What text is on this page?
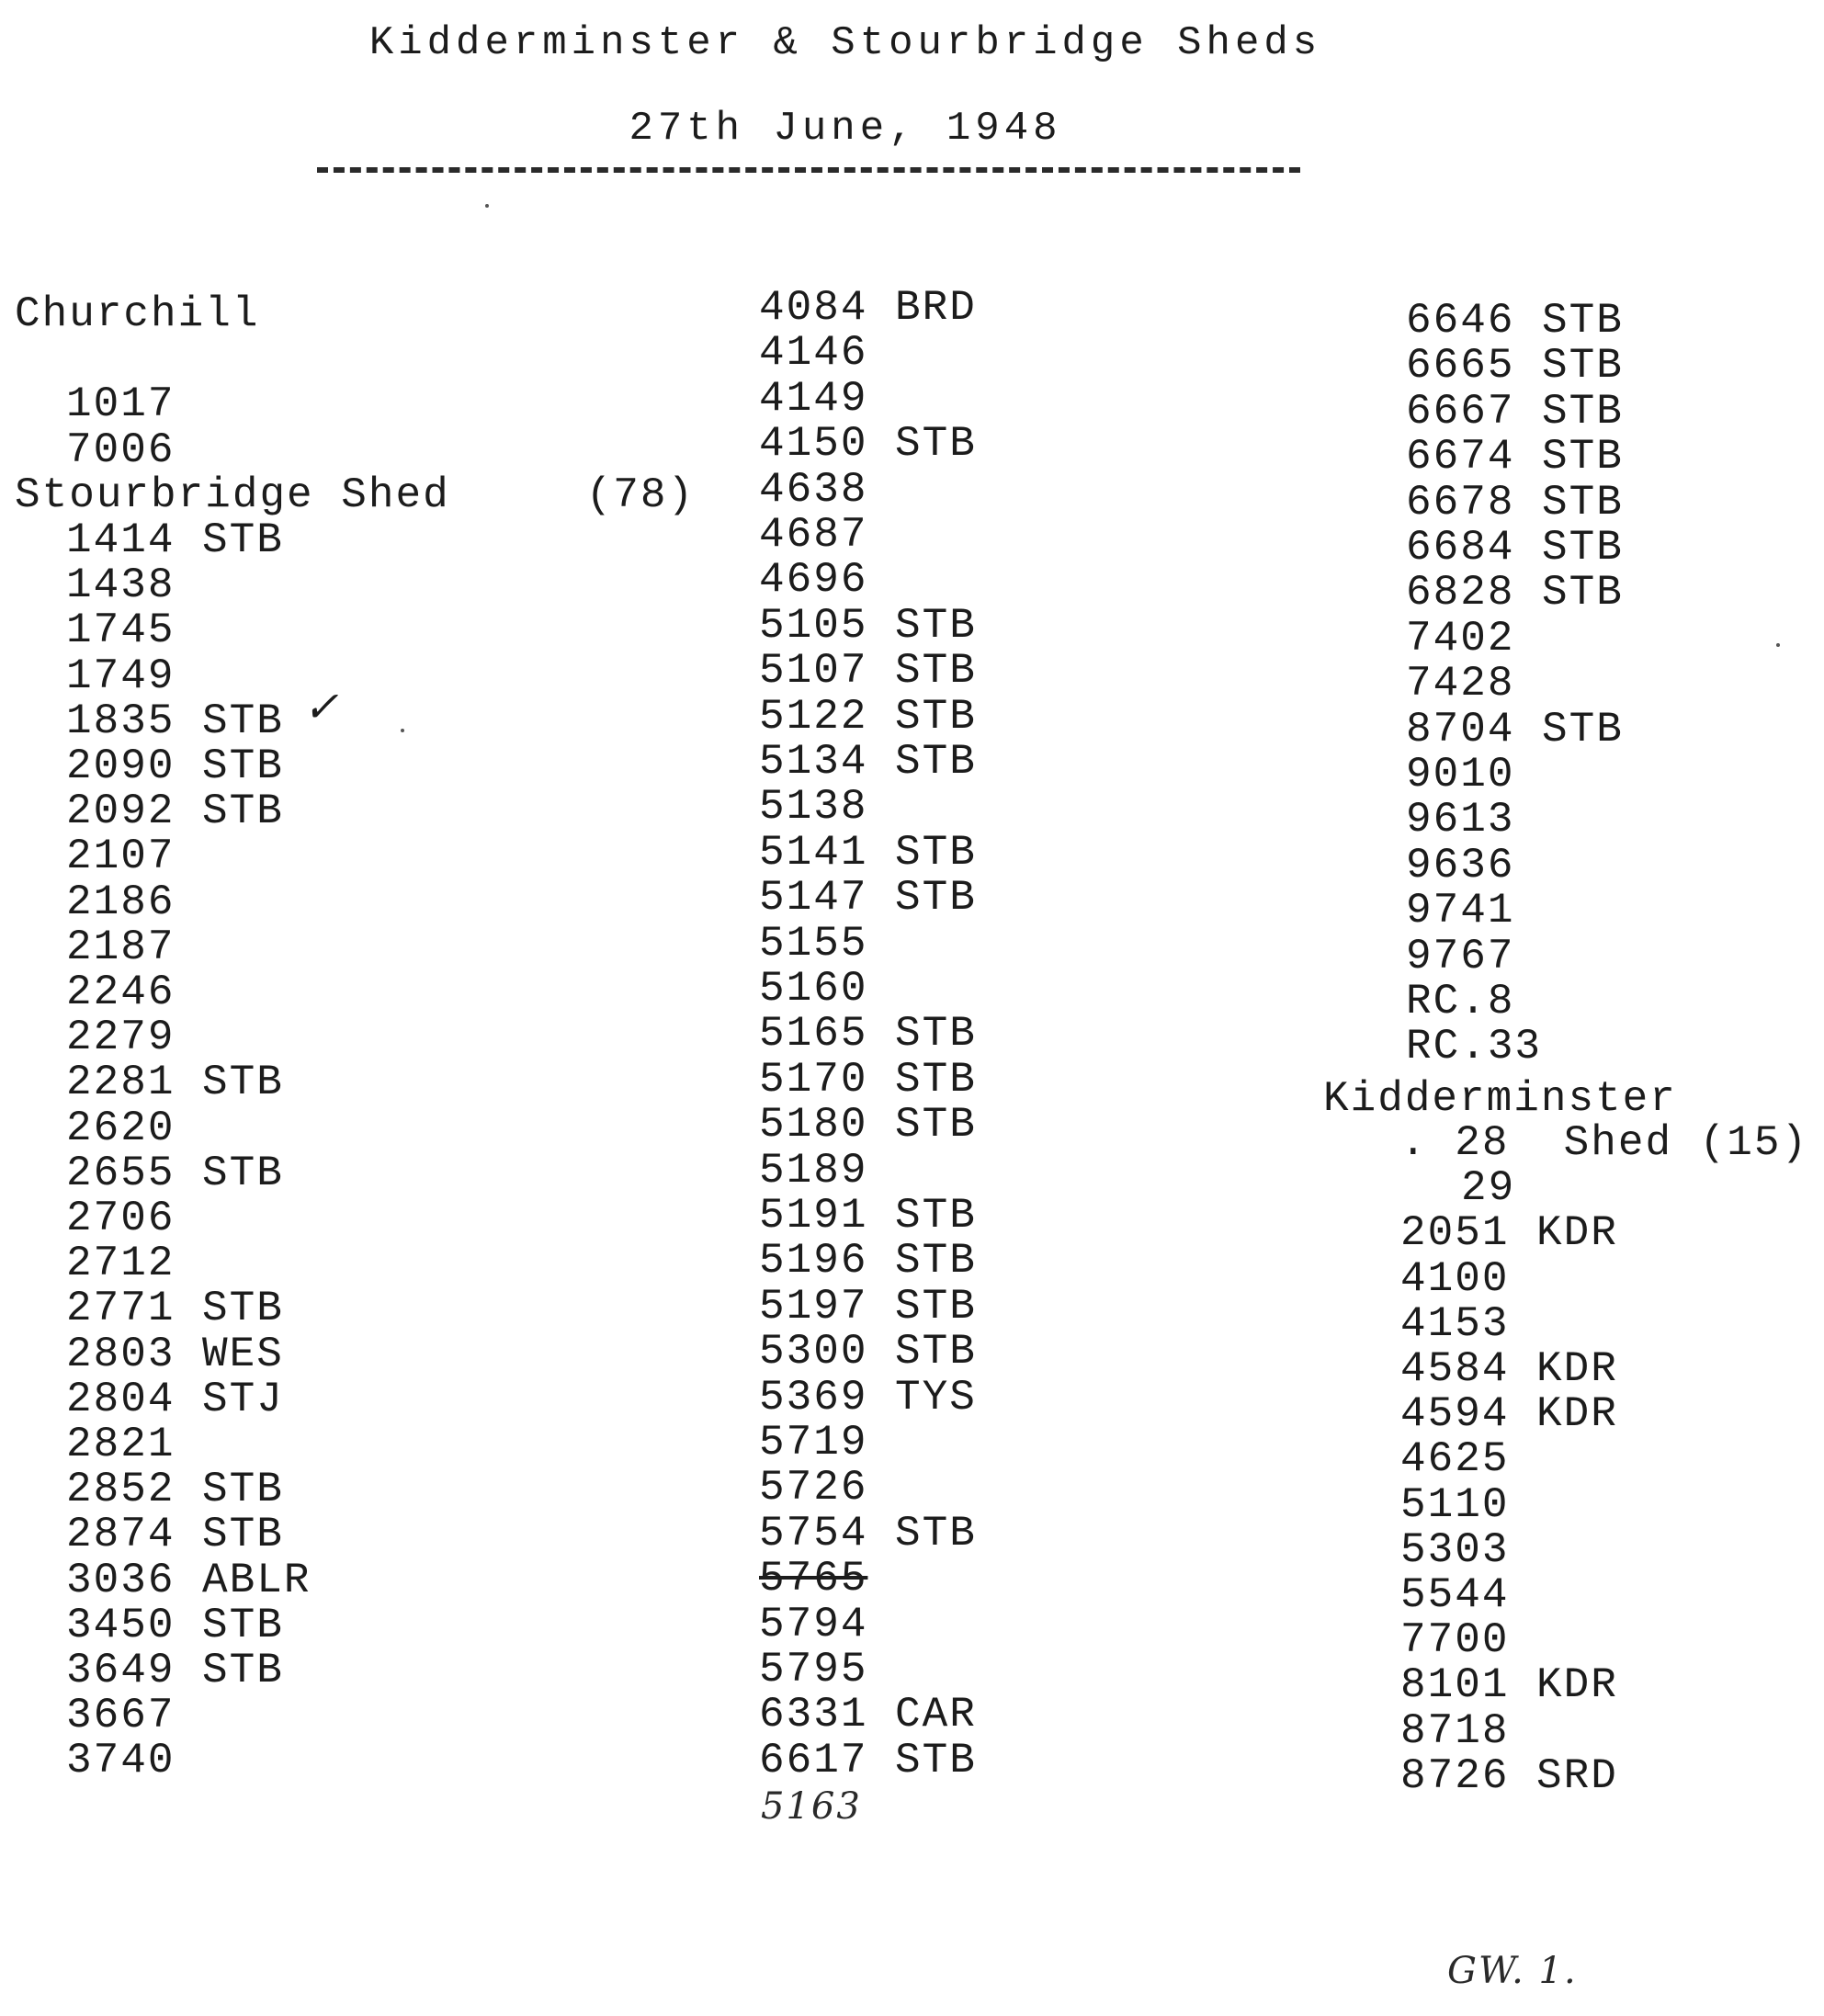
Kidderminster & Stourbridge Sheds
27th June, 1948
Churchill
1017
7006
Stourbridge Shed     (78)
1414 STB
1438
1745
1749
1835 STB
2090 STB
2092 STB
2107
2186
2187
2246
2279
2281 STB
2620
2655 STB
2706
2712
2771 STB
2803 WES
2804 STJ
2821
2852 STB
2874 STB
3036 ABLR
3450 STB
3649 STB
3667
3740
4084 BRD
4146
4149
4150 STB
4638
4687
4696
5105 STB
5107 STB
5122 STB
5134 STB
5138
5141 STB
5147 STB
5155
5160
5165 STB
5170 STB
5180 STB
5189
5191 STB
5196 STB
5197 STB
5300 STB
5369 TYS
5719
5726
5754 STB
5765
5794
5795
6331 CAR
6617 STB
6646 STB
6665 STB
6667 STB
6674 STB
6678 STB
6684 STB
6828 STB
7402
7428
8704 STB
9010
9613
9636
9741
9767
RC.8
RC.33
. 28  Shed (15)
29
2051 KDR
4100
4153
4584 KDR
4594 KDR
4625
5110
5303
5544
7700
8101 KDR
8718
8726 SRD
Kidderminster
✓
5163
GW. 1.
